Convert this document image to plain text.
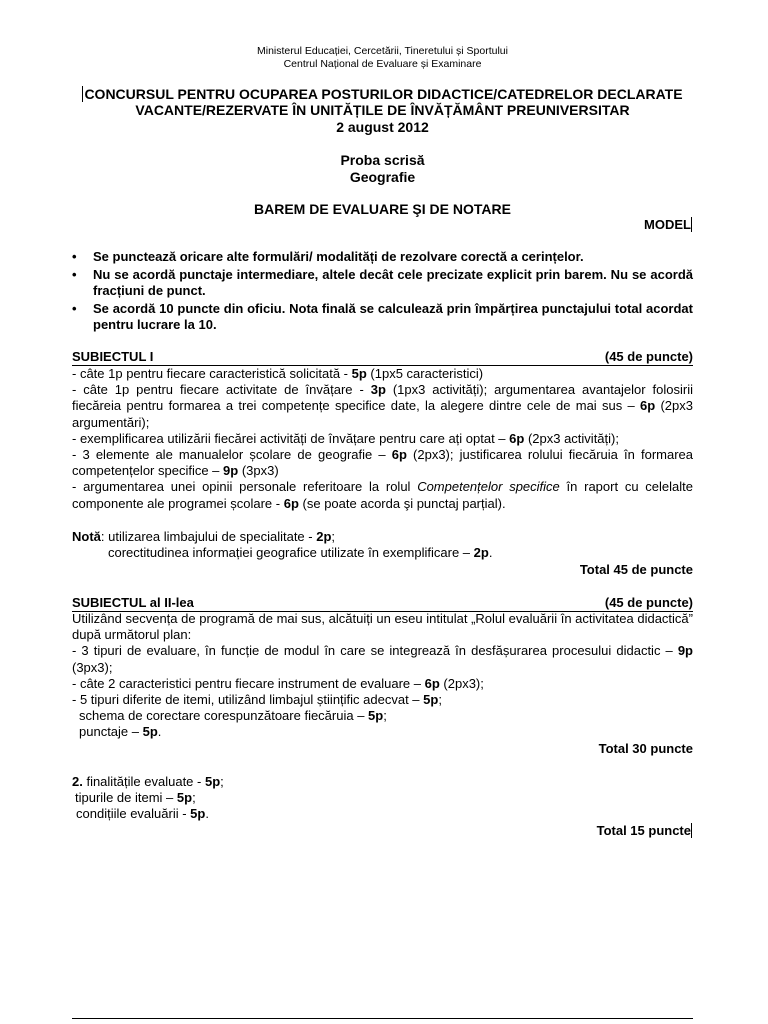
Ministerul Educației, Cercetării, Tineretului și Sportului
Centrul Național de Evaluare și Examinare
CONCURSUL PENTRU OCUPAREA POSTURILOR DIDACTICE/CATEDRELOR DECLARATE
VACANTE/REZERVATE ÎN UNITĂȚILE DE ÎNVĂȚĂMÂNT PREUNIVERSITAR
2 august 2012
Proba scrisă
Geografie
BAREM DE EVALUARE ŞI DE NOTARE
MODEL
• Se punctează oricare alte formulări/ modalități de rezolvare corectă a cerințelor.
• Nu se acordă punctaje intermediare, altele decât cele precizate explicit prin barem. Nu se acordă fracțiuni de punct.
• Se acordă 10 puncte din oficiu. Nota finală se calculează prin împărțirea punctajului total acordat pentru lucrare la 10.
SUBIECTUL I	(45 de puncte)

- câte 1p pentru fiecare caracteristică solicitată - 5p (1px5 caracteristici)

- câte 1p pentru fiecare activitate de învățare - 3p (1px3 activități); argumentarea avantajelor folosirii fiecăreia pentru formarea a trei competențe specifice date, la alegere dintre cele de mai sus – 6p (2px3 argumentări);

- exemplificarea utilizării fiecărei activități de învățare pentru care ați optat – 6p (2px3 activități);

- 3 elemente ale manualelor școlare de geografie – 6p (2px3); justificarea rolului fiecăruia în formarea competențelor specifice – 9p (3px3)

- argumentarea unei opinii personale referitoare la rolul Competențelor specifice în raport cu celelalte componente ale programei școlare - 6p (se poate acorda şi punctaj parțial).

Notă: utilizarea limbajului de specialitate - 2p;

corectitudinea informației geografice utilizate în exemplificare – 2p.

Total 45 de puncte
SUBIECTUL al II-lea	(45 de puncte)

Utilizând secvența de programă de mai sus, alcătuiți un eseu intitulat „Rolul evaluării în activitatea didactică” după următorul plan:

- 3 tipuri de evaluare, în funcție de modul în care se integrează în desfășurarea procesului didactic – 9p (3px3);

- câte 2 caracteristici pentru fiecare instrument de evaluare – 6p (2px3);

- 5 tipuri diferite de itemi, utilizând limbajul științific adecvat – 5p;

schema de corectare corespunzătoare fiecăruia – 5p;

punctaje – 5p.

Total 30 puncte

2. finalitățile evaluate - 5p;

tipurile de itemi – 5p;

condițiile evaluării - 5p.

Total 15 puncte
